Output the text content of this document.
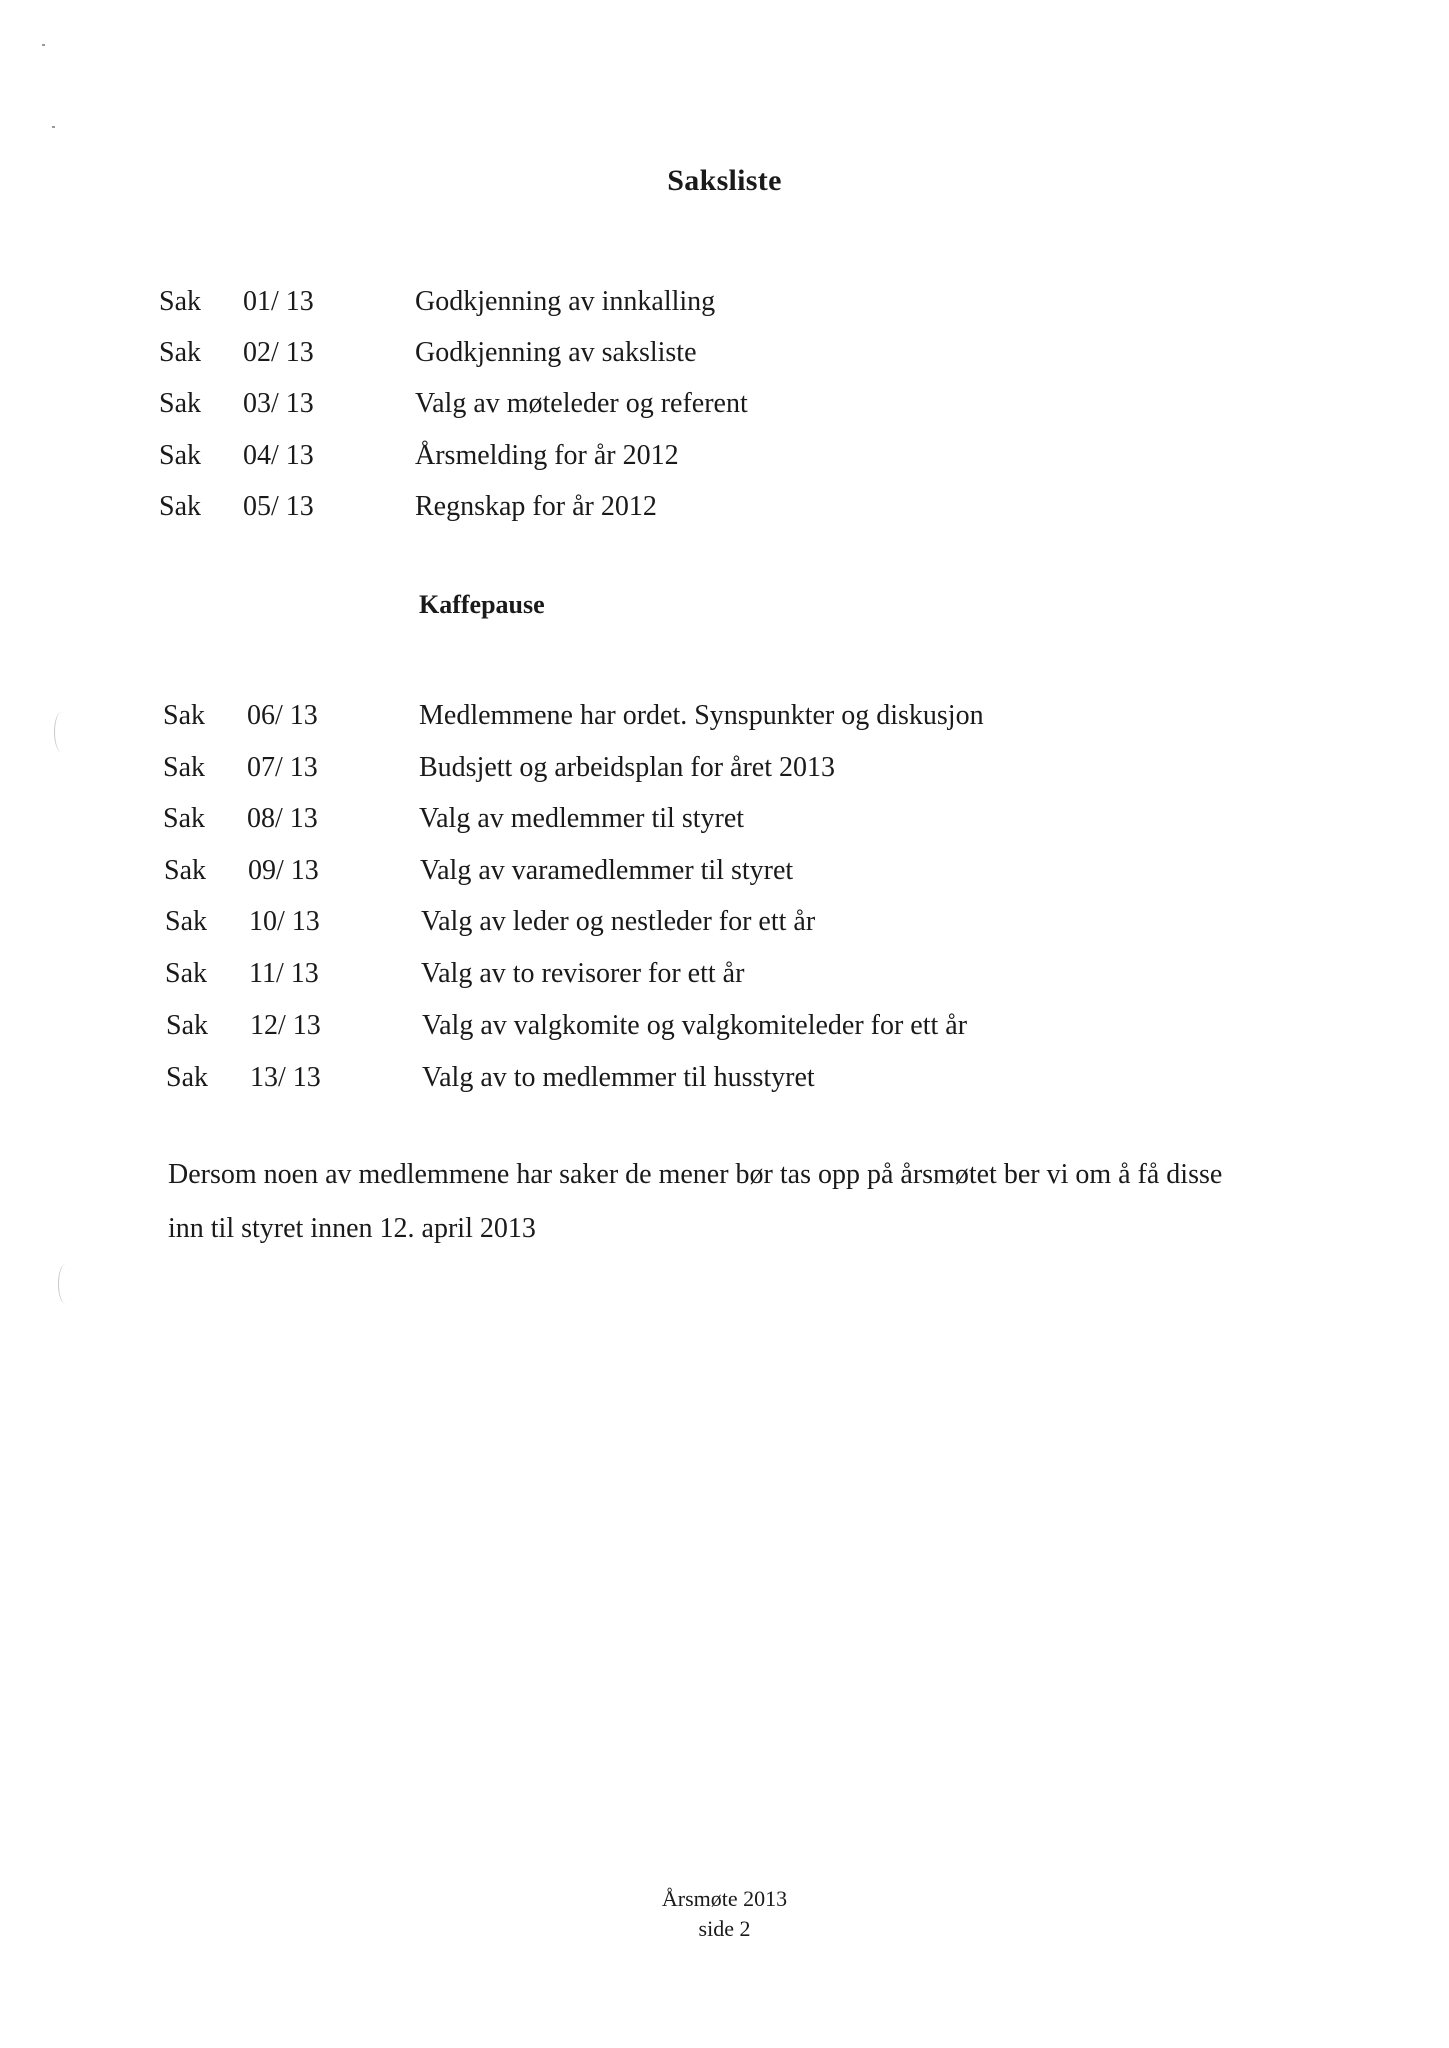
Saksliste
Sak 01/ 13	Godkjenning av innkalling
Sak 02/ 13	Godkjenning av saksliste
Sak 03/ 13	Valg av møteleder og referent
Sak 04/ 13	Årsmelding for år 2012
Sak 05/ 13	Regnskap for år 2012
Kaffepause
Sak 06/ 13	Medlemmene har ordet. Synspunkter og diskusjon
Sak 07/ 13	Budsjett og arbeidsplan for året 2013
Sak 08/ 13	Valg av medlemmer til styret
Sak 09/ 13	Valg av varamedlemmer til styret
Sak 10/ 13	Valg av leder og nestleder for ett år
Sak 11/ 13	Valg av to revisorer for ett år
Sak 12/ 13	Valg av valgkomite og valgkomiteleder for ett år
Sak 13/ 13	Valg av to medlemmer til husstyret
Dersom noen av medlemmene har saker de mener bør tas opp på årsmøtet ber vi om å få disse
inn til styret innen 12. april 2013
Årsmøte 2013
side 2
